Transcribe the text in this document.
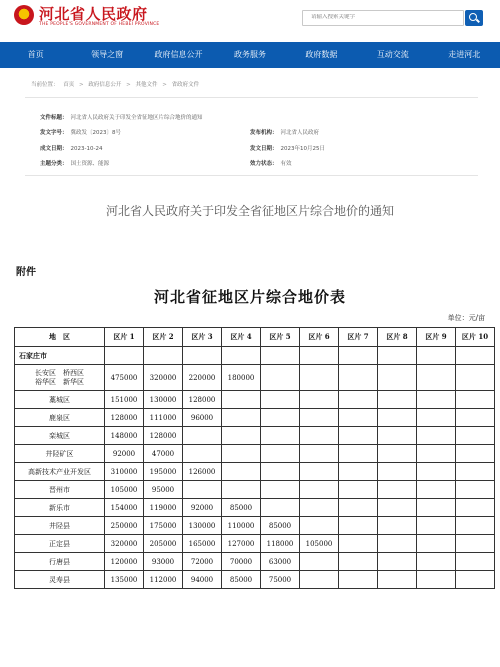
河北省人民政府
THE PEOPLE'S GOVERNMENT OF HEBEI PROVINCE
请输入搜索关键字
首页	领导之窗	政府信息公开	政务服务	政府数据	互动交流	走进河北
当前位置： 首页 > 政府信息公开 > 其他文件 > 省政府文件
文件标题： 河北省人民政府关于印发全省征地区片综合地价的通知
发文字号： 冀政发〔2023〕8号	发布机构： 河北省人民政府
成文日期： 2023-10-24	发文日期： 2023年10月25日
主题分类： 国土资源、能源	效力状态： 有效
河北省人民政府关于印发全省征地区片综合地价的通知
附件
河北省征地区片综合地价表
单位：元/亩
地　区	区片 1	区片 2	区片 3	区片 4	区片 5	区片 6	区片 7	区片 8	区片 9	区片 10
石家庄市										

长安区　桥西区
裕华区　新华区	475000	320000	220000	180000						
藁城区	151000	130000	128000							
鹿泉区	128000	111000	96000							
栾城区	148000	128000								
井陉矿区	92000	47000								
高新技术产业开发区	310000	195000	126000							
晋州市	105000	95000								
新乐市	154000	119000	92000	85000						
井陉县	250000	175000	130000	110000	85000					
正定县	320000	205000	165000	127000	118000	105000				
行唐县	120000	93000	72000	70000	63000					
灵寿县	135000	112000	94000	85000	75000					
